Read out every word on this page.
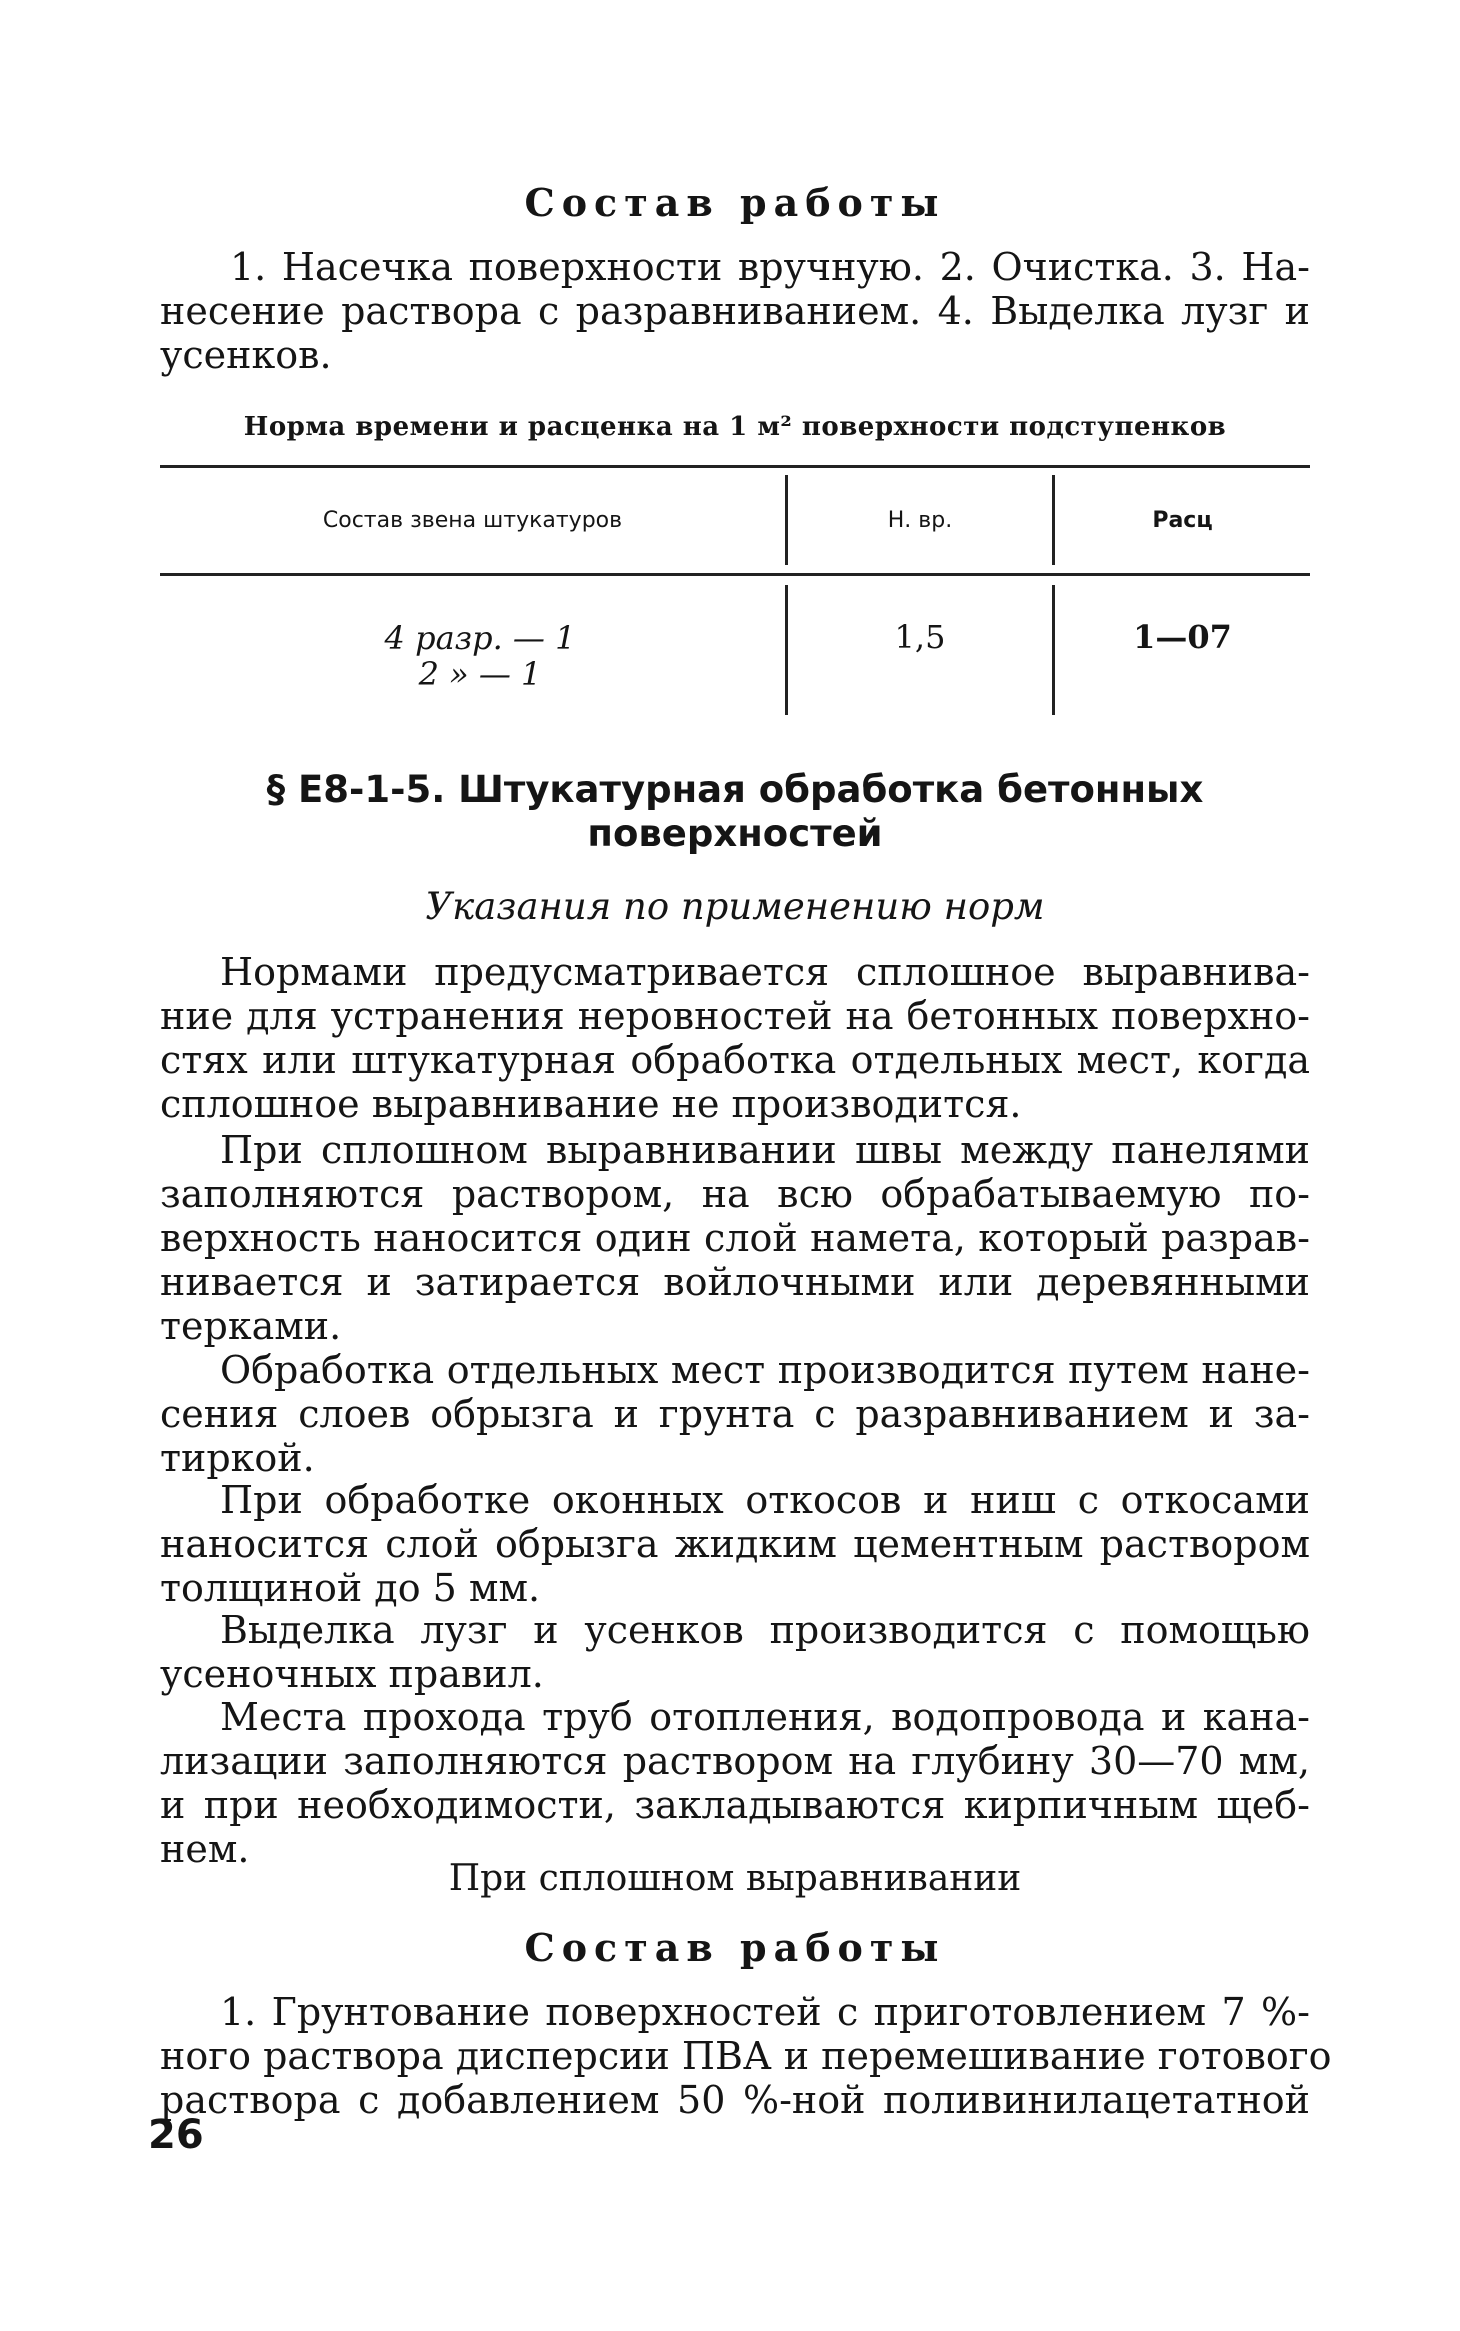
Состав работы
1. Насечка поверхности вручную. 2. Очистка. 3. На-
несение раствора с разравниванием. 4. Выделка лузг и
усенков.
Норма времени и расценка на 1 м² поверхности подступенков
Состав звена штукатуров	Н. вр.	Расц
4 разр. — 1
2 » — 1
1,5	1—07
§ Е8-1-5. Штукатурная обработка бетонных
поверхностей
Указания по применению норм
Нормами предусматривается сплошное выравнива-
ние для устранения неровностей на бетонных поверхно-
стях или штукатурная обработка отдельных мест, когда
сплошное выравнивание не производится.
При сплошном выравнивании швы между панелями
заполняются раствором, на всю обрабатываемую по-
верхность наносится один слой намета, который разрав-
нивается и затирается войлочными или деревянными
терками.
Обработка отдельных мест производится путем нане-
сения слоев обрызга и грунта с разравниванием и за-
тиркой.
При обработке оконных откосов и ниш с откосами
наносится слой обрызга жидким цементным раствором
толщиной до 5 мм.
Выделка лузг и усенков производится с помощью
усеночных правил.
Места прохода труб отопления, водопровода и кана-
лизации заполняются раствором на глубину 30—70 мм,
и при необходимости, закладываются кирпичным щеб-
нем.
При сплошном выравнивании
Состав работы
1. Грунтование поверхностей с приготовлением 7 %-
ного раствора дисперсии ПВА и перемешивание готового
раствора с добавлением 50 %-ной поливинилацетатной
26
